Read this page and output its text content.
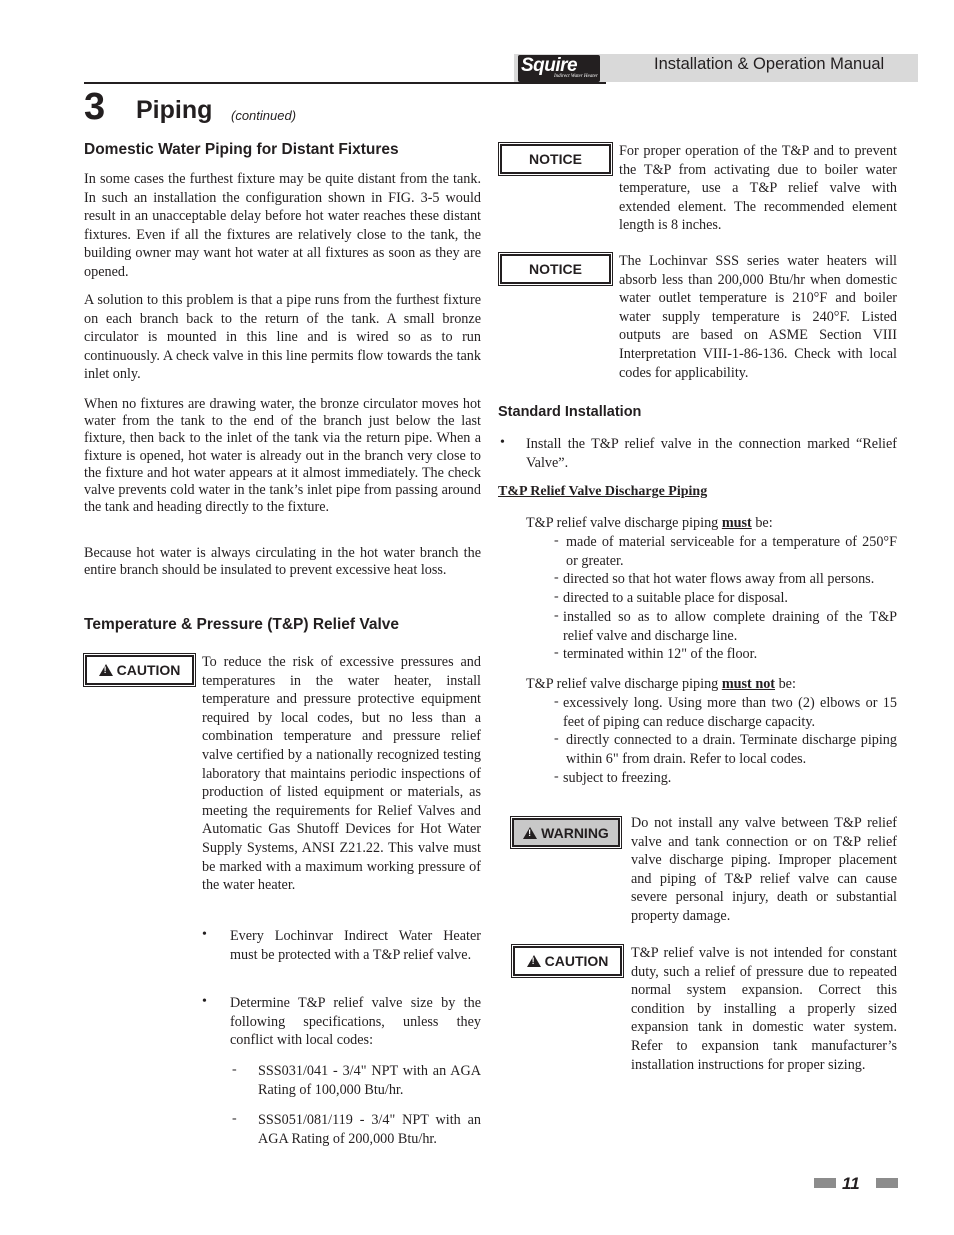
Squire
Indirect Water Heater
Installation & Operation Manual
3 Piping (continued)
Domestic Water Piping for Distant Fixtures

In some cases the furthest fixture may be quite distant from the tank. In such an installation the configuration shown in FIG. 3-5 would result in an unacceptable delay before hot water reaches these distant fixtures. Even if all the fixtures are relatively close to the tank, the building owner may want hot water at all fixtures as soon as they are opened.

A solution to this problem is that a pipe runs from the furthest fixture on each branch back to the return of the tank. A small bronze circulator is mounted in this line and is wired so as to run continuously. A check valve in this line permits flow towards the tank inlet only.

When no fixtures are drawing water, the bronze circulator moves hot water from the tank to the end of the branch just below the last fixture, then back to the inlet of the tank via the return pipe. When a fixture is opened, hot water is already out in the branch very close to the fixture and hot water appears at it almost immediately. The check valve prevents cold water in the tank’s inlet pipe from passing around the tank and heading directly to the fixture.

Because hot water is always circulating in the hot water branch the entire branch should be insulated to prevent excessive heat loss.

Temperature & Pressure (T&P) Relief Valve
!
CAUTION To reduce the risk of excessive pressures and temperatures in the water heater, install temperature and pressure protective equipment required by local codes, but no less than a combination temperature and pressure relief valve certified by a nationally recognized testing laboratory that maintains periodic inspections of production of listed equipment or materials, as meeting the requirements for Relief Valves and Automatic Gas Shutoff Devices for Hot Water Supply Systems, ANSI Z21.22. This valve must be marked with a maximum working pressure of the water heater.

• Every Lochinvar Indirect Water Heater must be protected with a T&P relief valve.

• Determine T&P relief valve size by the following specifications, unless they conflict with local codes:

- SSS031/041 - 3/4" NPT with an AGA Rating of 100,000 Btu/hr.

- SSS051/081/119 - 3/4" NPT with an AGA Rating of 200,000 Btu/hr.

NOTICE	For proper operation of the T&P and to prevent the T&P from activating due to boiler water temperature, use a T&P relief valve with extended element. The recommended element length is 8 inches.

NOTICE	The Lochinvar SSS series water heaters will absorb less than 200,000 Btu/hr when domestic water outlet temperature is 210°F and boiler water supply temperature is 240°F. Listed outputs are based on ASME Section VIII Interpretation VIII-1-86-136. Check with local codes for applicability.

Standard Installation
• Install the T&P relief valve in the connection marked “Relief Valve”.

T&P Relief Valve Discharge Piping

T&P relief valve discharge piping must be:

- made of material serviceable for a temperature of 250°F or greater.

- directed so that hot water flows away from all persons.

- directed to a suitable place for disposal.

- installed so as to allow complete draining of the T&P relief valve and discharge line.

- terminated within 12" of the floor.

T&P relief valve discharge piping must not be:

- excessively long. Using more than two (2) elbows or 15 feet of piping can reduce discharge capacity.

- directly connected to a drain. Terminate discharge piping within 6" from drain. Refer to local codes.

- subject to freezing.

!
WARNING

Do not install any valve between T&P relief valve and tank connection or on T&P relief valve discharge piping. Improper placement and piping of T&P relief valve can cause severe personal injury, death or substantial property damage.

!
CAUTION T&P relief valve is not intended for constant duty, such a relief of pressure due to repeated normal system expansion. Correct this condition by installing a properly sized expansion tank in domestic water system. Refer to expansion tank manufacturer’s installation instructions for proper sizing.

11
